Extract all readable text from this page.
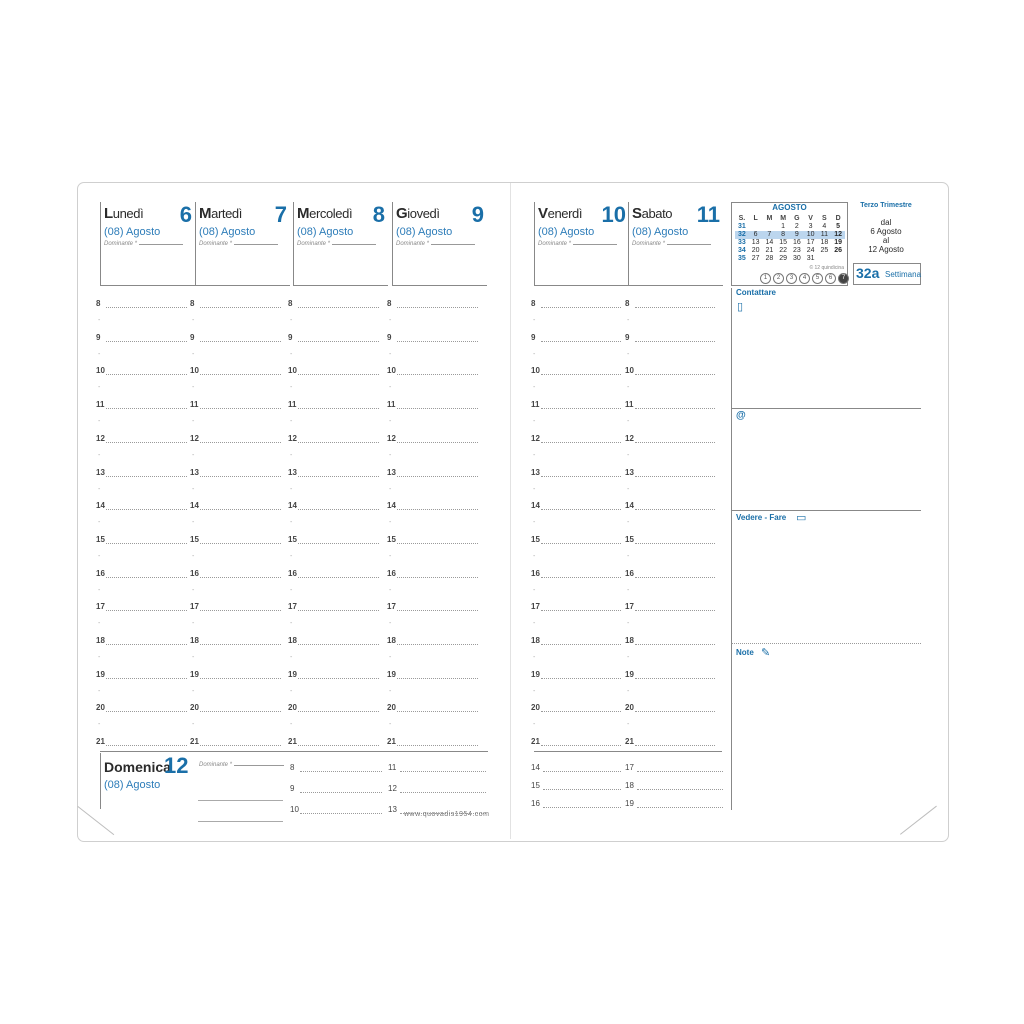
Lunedì 6
(08) Agosto
Dominante *
Martedì 7
(08) Agosto
Dominante *
Mercoledì 8
(08) Agosto
Dominante *
Giovedì 9
(08) Agosto
Dominante *
Venerdì 10
(08) Agosto
Dominante *
Sabato 11
(08) Agosto
Dominante *
8
-
9
-
10
-
11
-
12
-
13
-
14
-
15
-
16
-
17
-
18
-
19
-
20
-
21
8
-
9
-
10
-
11
-
12
-
13
-
14
-
15
-
16
-
17
-
18
-
19
-
20
-
21
8
-
9
-
10
-
11
-
12
-
13
-
14
-
15
-
16
-
17
-
18
-
19
-
20
-
21
8
-
9
-
10
-
11
-
12
-
13
-
14
-
15
-
16
-
17
-
18
-
19
-
20
-
21
8
-
9
-
10
-
11
-
12
-
13
-
14
-
15
-
16
-
17
-
18
-
19
-
20
-
21
8
-
9
-
10
-
11
-
12
-
13
-
14
-
15
-
16
-
17
-
18
-
19
-
20
-
21
Domenica
12
(08) Agosto
Dominante *	8
9
10
11
12
13
www.quovadis1954.com
14
15
16
17
18
19
AGOSTO
S.	L	M	M	G	V	S	D
31			1	2	3	4	5
32	6	7	8	9	10	11	12
33	13	14	15	16	17	18	19
34	20	21	22	23	24	25	26
35	27	28	29	30	31		
© 12 quindicina
1 2 3 4 5 6 7
Terzo Trimestre
dal
6 Agosto
al
12 Agosto
32a Settimana
Contattare
▯
@
Vedere - Fare ▭
Note ✎
